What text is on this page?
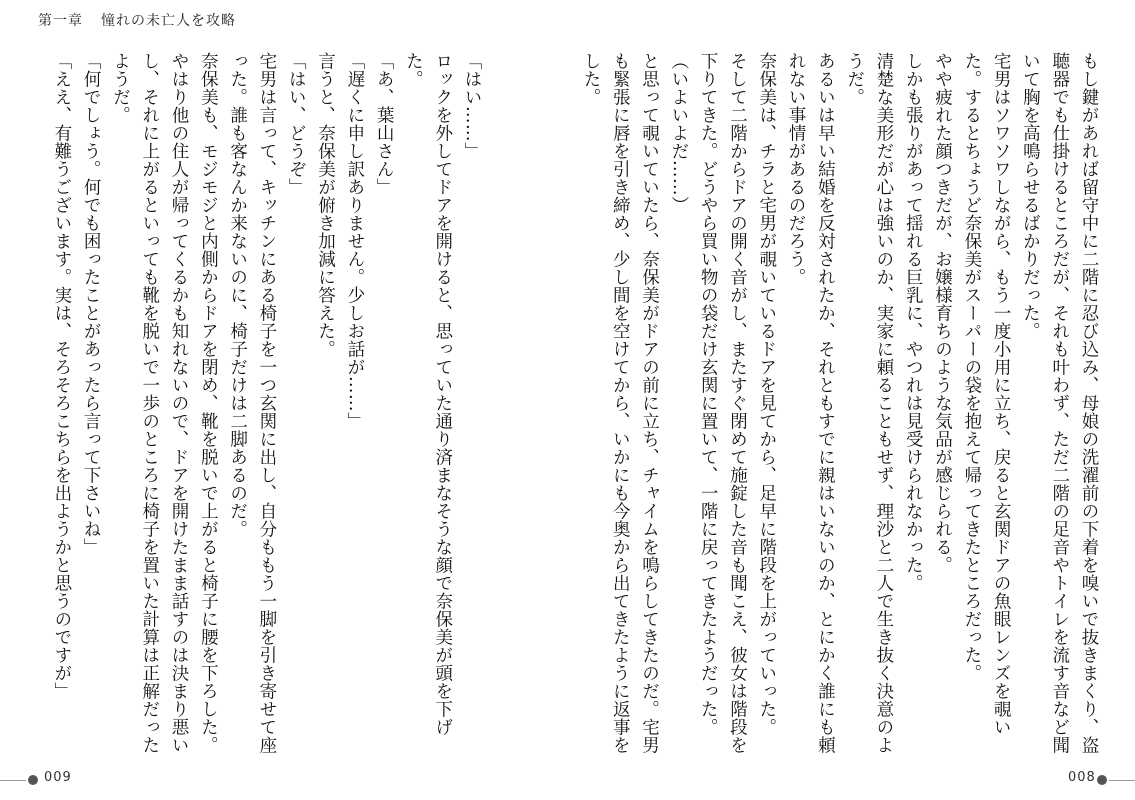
第一章 憧れの未亡人を攻略

もし鍵があれば留守中に二階に忍び込み、母娘の洗濯前の下着を嗅いで抜きまくり、盗聴器でも仕掛けるところだが、それも叶わず、ただ二階の足音やトイレを流す音など聞いて胸を高鳴らせるばかりだった。

宅男はソワソワしながら、もう一度小用に立ち、戻ると玄関ドアの魚眼レンズを覗いた。するとちょうど奈保美がスーパーの袋を抱えて帰ってきたところだった。

やや疲れた顔つきだが、お嬢様育ちのような気品が感じられる。

しかも張りがあって揺れる巨乳に、やつれは見受けられなかった。

清楚な美形だが心は強いのか、実家に頼ることもせず、理沙と二人で生き抜く決意のようだ。

あるいは早い結婚を反対されたか、それともすでに親はいないのか、とにかく誰にも頼れない事情があるのだろう。

奈保美は、チラと宅男が覗いているドアを見てから、足早に階段を上がっていった。

そして二階からドアの開く音がし、またすぐ閉めて施錠した音も聞こえ、彼女は階段を下りてきた。どうやら買い物の袋だけ玄関に置いて、一階に戻ってきたようだった。

（いよいよだ……）

と思って覗いていたら、奈保美がドアの前に立ち、チャイムを鳴らしてきたのだ。宅男も緊張に唇を引き締め、少し間を空けてから、いかにも今奥から出てきたように返事をした。

「はい……」

ロックを外してドアを開けると、思っていた通り済まなそうな顔で奈保美が頭を下げた。

「あ、葉山さん」

「遅くに申し訳ありません。少しお話が……」

言うと、奈保美が俯き加減に答えた。

「はい、どうぞ」

宅男は言って、キッチンにある椅子を一つ玄関に出し、自分ももう一脚を引き寄せて座った。誰も客なんか来ないのに、椅子だけは二脚あるのだ。

奈保美も、モジモジと内側からドアを閉め、靴を脱いで上がると椅子に腰を下ろした。

やはり他の住人が帰ってくるかも知れないので、ドアを開けたまま話すのは決まり悪いし、それに上がるといっても靴を脱いで一歩のところに椅子を置いた計算は正解だったようだ。

「何でしょう。何でも困ったことがあったら言って下さいね」

「ええ、有難うございます。実は、そろそろこちらを出ようかと思うのですが」

009	008
